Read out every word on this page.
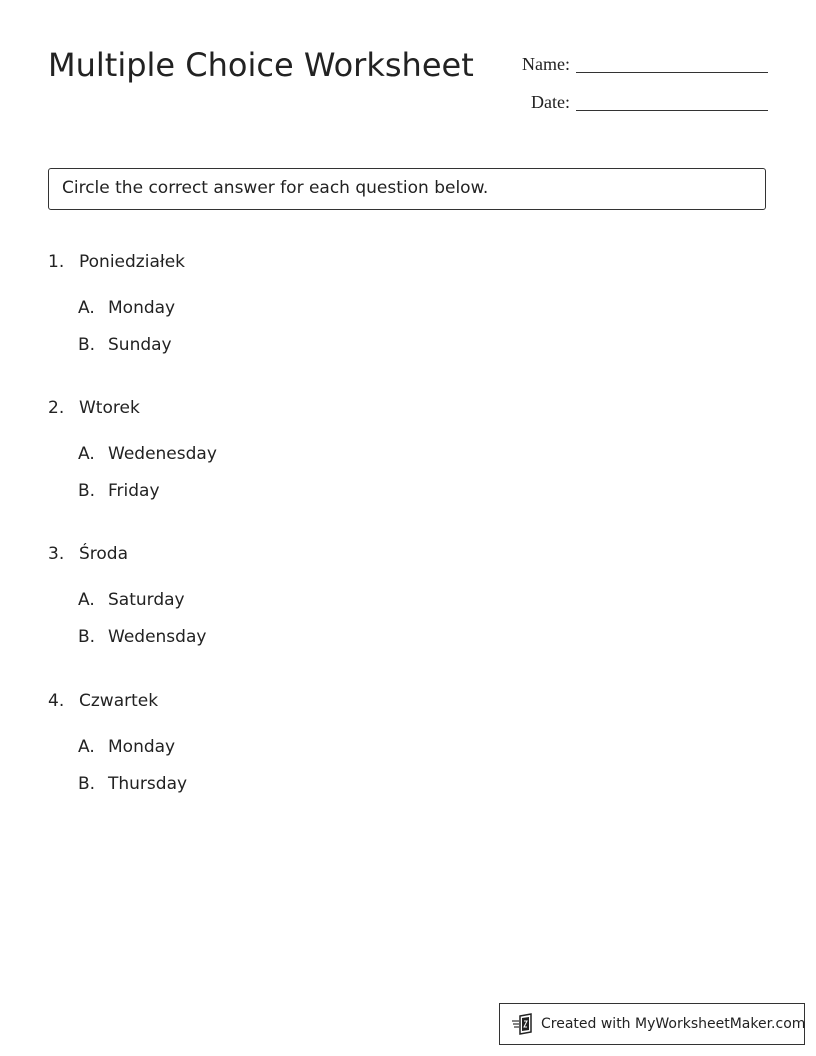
Multiple Choice Worksheet	Name:
Date:
Circle the correct answer for each question below.
1. Poniedziałek
A. Monday
B. Sunday
2. Wtorek
A. Wedenesday
B. Friday
3. Środa
A. Saturday
B. Wedensday
4. Czwartek
A. Monday
B. Thursday
Created with MyWorksheetMaker.com
